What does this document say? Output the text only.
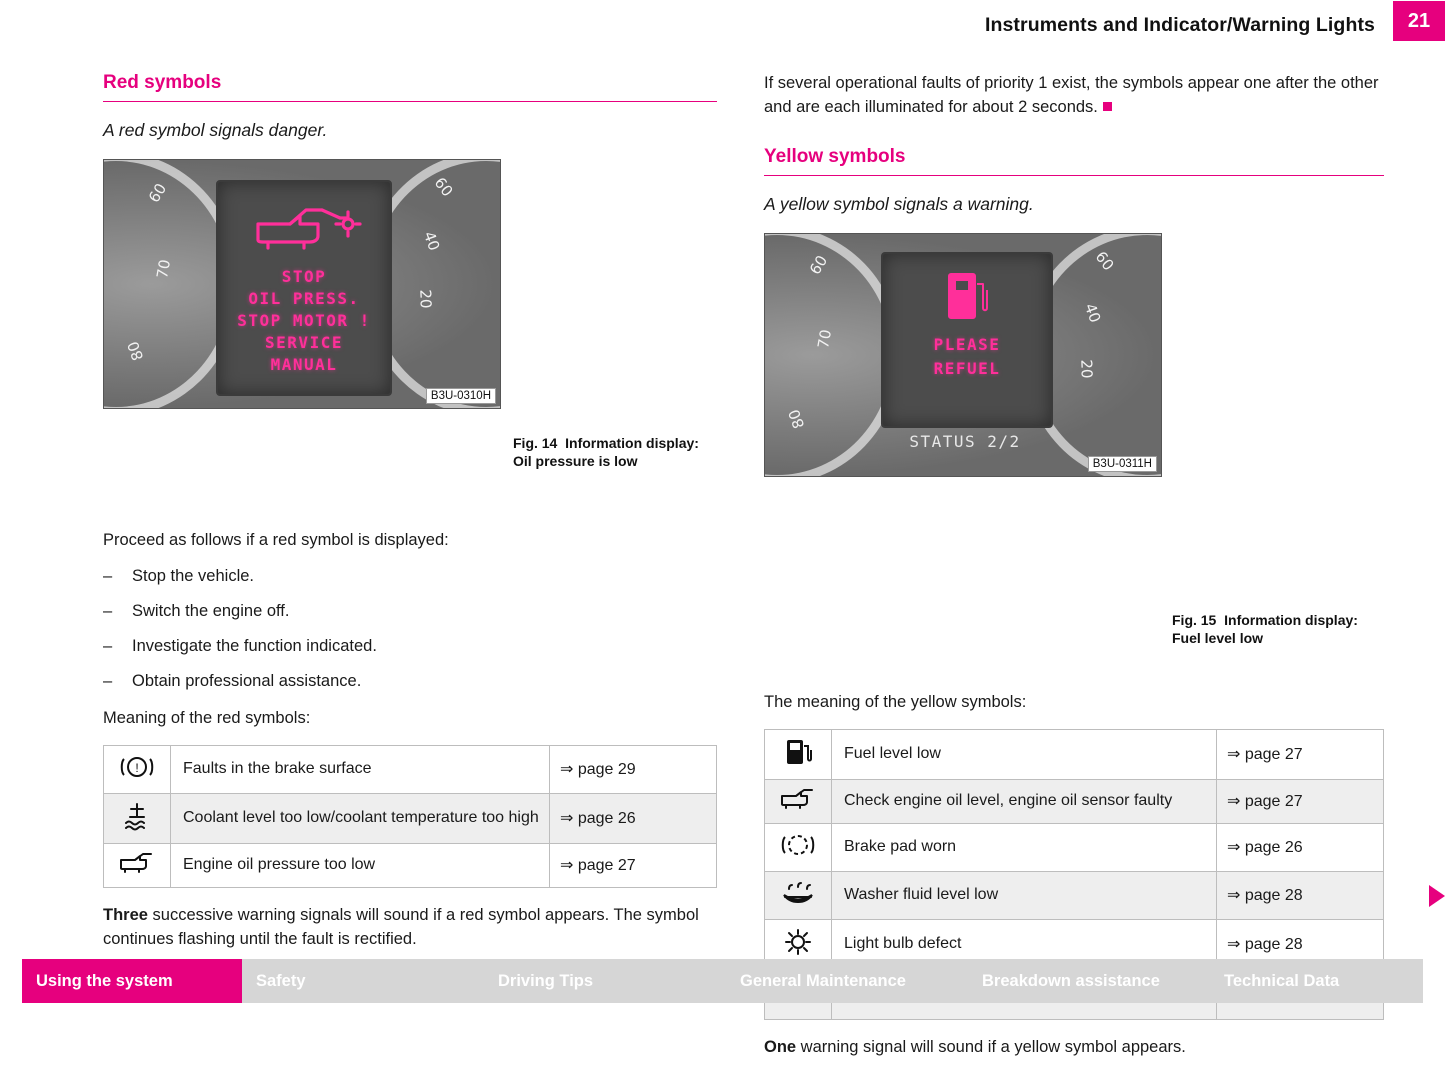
Instruments and Indicator/Warning Lights	21
Red symbols
A red symbol signals danger.
60
70
80
60
40
20
STOP
OIL PRESS.
STOP MOTOR !
SERVICE
MANUAL
B3U-0310H
Fig. 14 Information display: Oil pressure is low

Proceed as follows if a red symbol is displayed:

– Stop the vehicle.
– Switch the engine off.
– Investigate the function indicated.
– Obtain professional assistance.

Meaning of the red symbols:

!	Faults in the brake surface	⇒ page 29
	Coolant level too low/coolant temperature too high	⇒ page 26
	Engine oil pressure too low	⇒ page 27

Three successive warning signals will sound if a red symbol appears. The symbol continues flashing until the fault is rectified.

If several operational faults of priority 1 exist, the symbols appear one after the other and are each illuminated for about 2 seconds.

Yellow symbols
A yellow symbol signals a warning.
60
70
80
60
40
20
PLEASE
REFUEL
STATUS 2/2
B3U-0311H
Fig. 15 Information display: Fuel level low

The meaning of the yellow symbols:

	Fuel level low	⇒ page 27
	Check engine oil level, engine oil sensor faulty	⇒ page 27
	Brake pad worn	⇒ page 26
	Washer fluid level low	⇒ page 28
	Light bulb defect	⇒ page 28

One warning signal will sound if a yellow symbol appears.

Using the system	Safety	Driving Tips	General Maintenance	Breakdown assistance	Technical Data
